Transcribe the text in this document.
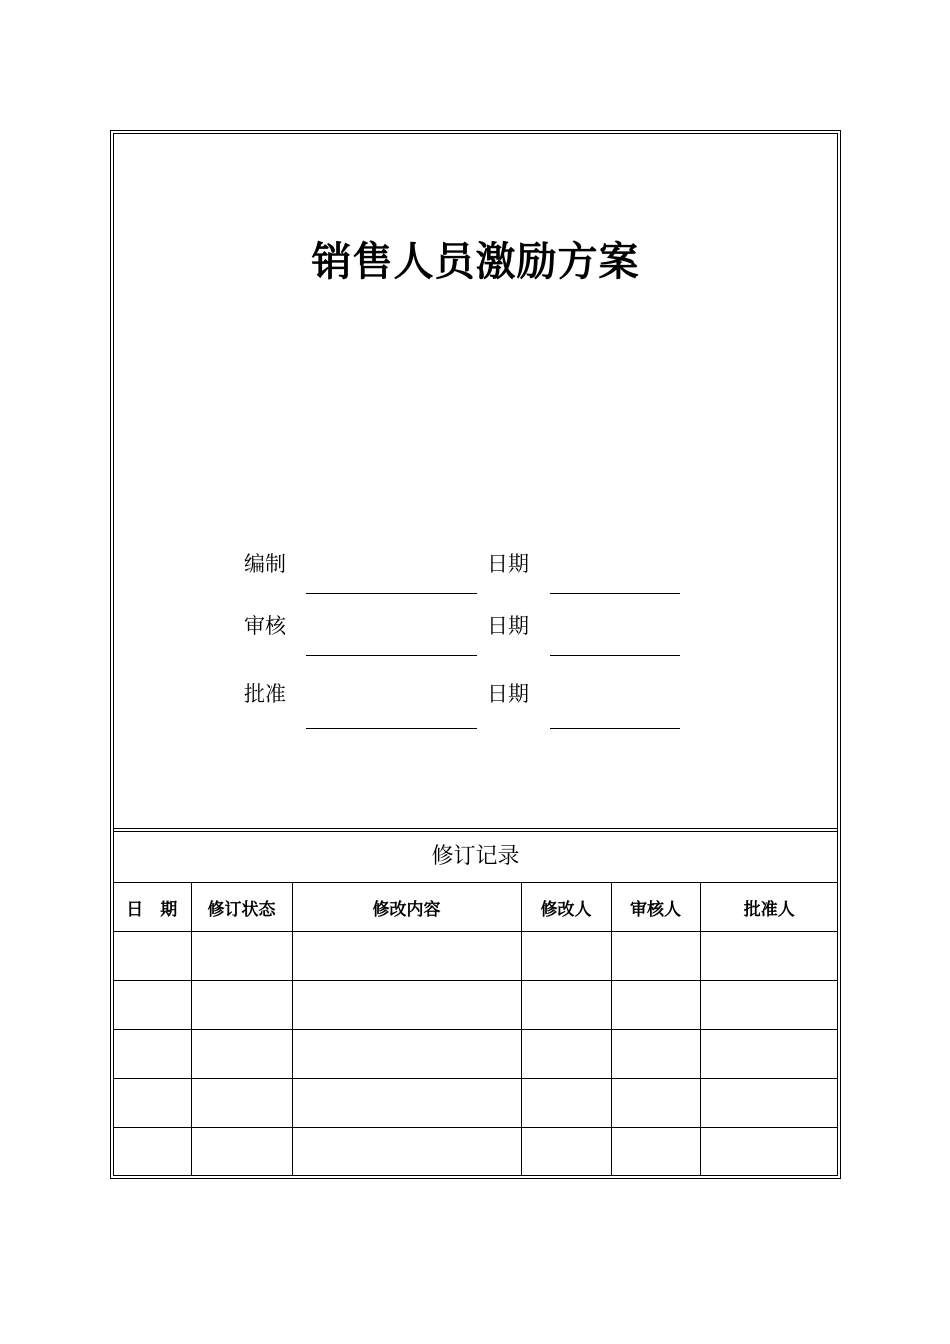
销售人员激励方案
编制	日期
审核	日期
批准	日期
修订记录
日　期	修订状态	修改内容	修改人	审核人	批准人
